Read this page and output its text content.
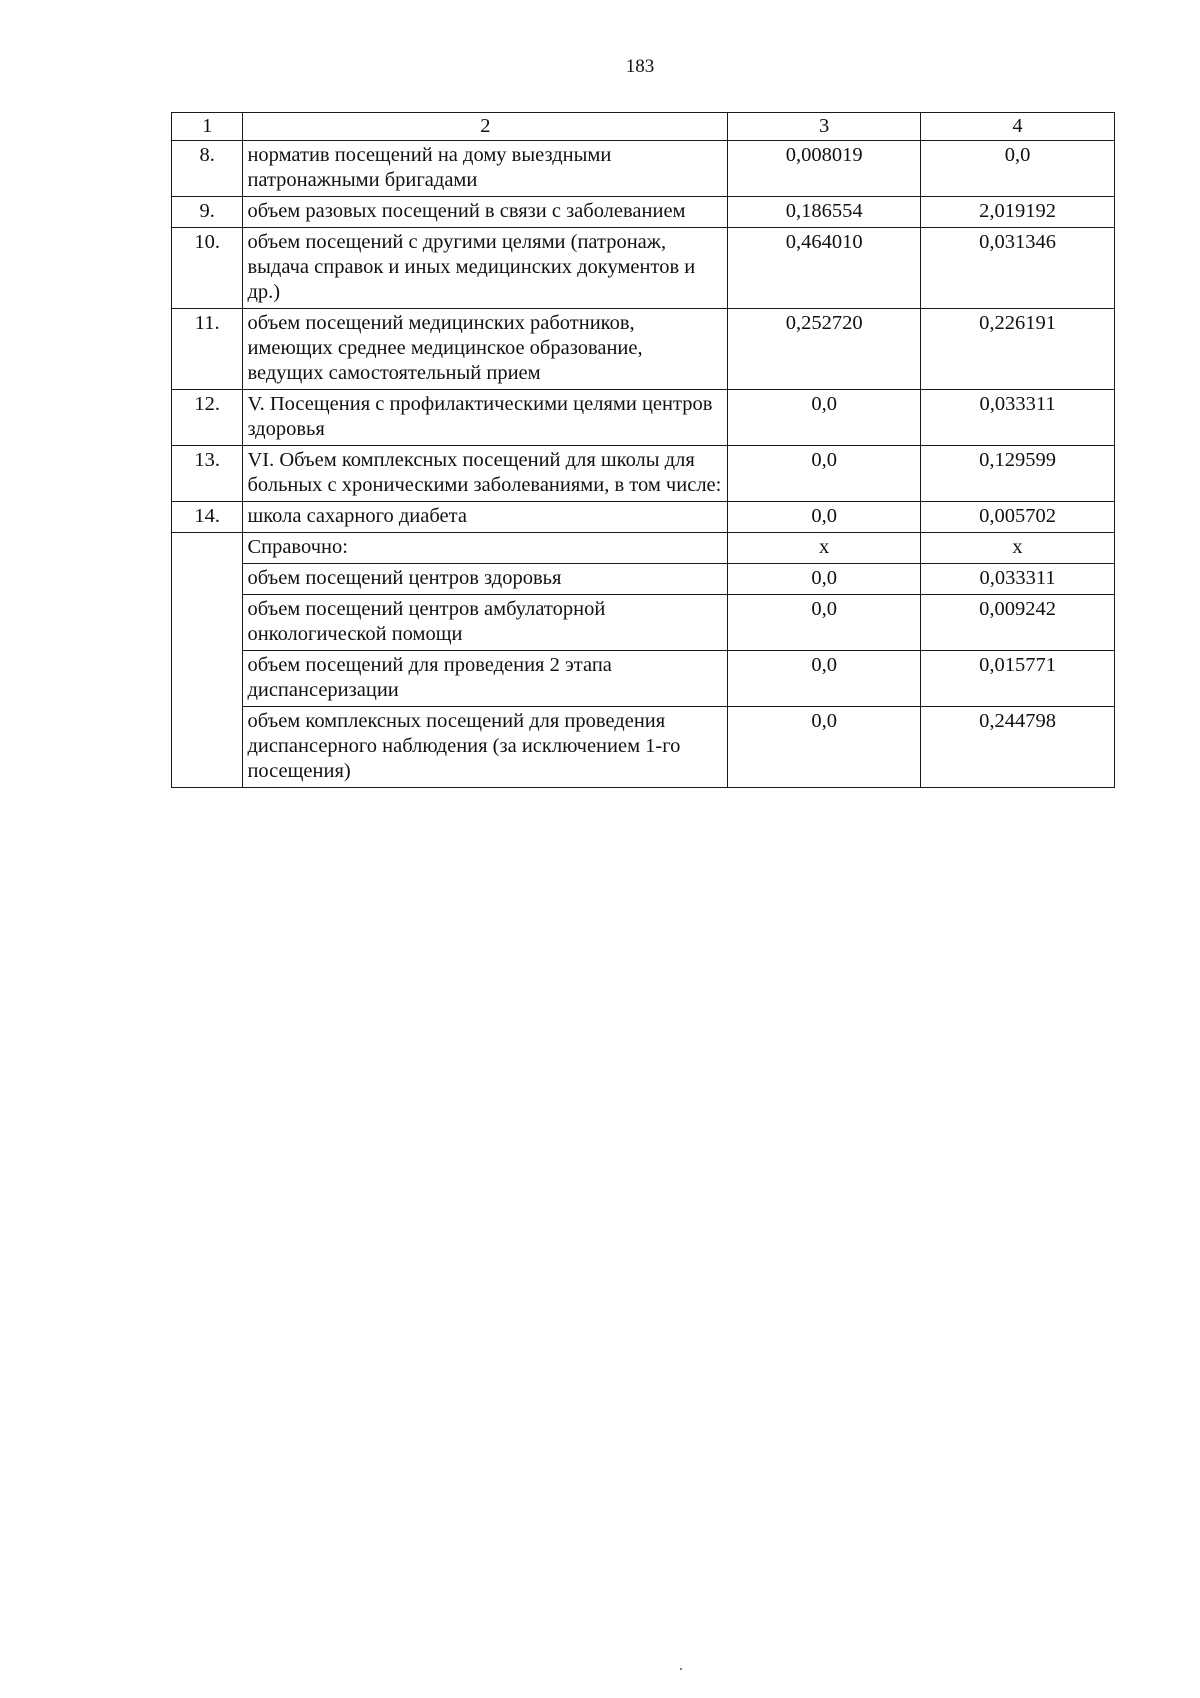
183
1	2	3	4
8.	норматив посещений на дому выездными патронажными бригадами	0,008019	0,0
9.	объем разовых посещений в связи с заболеванием	0,186554	2,019192
10.	объем посещений с другими целями (патронаж, выдача справок и иных медицинских документов и др.)	0,464010	0,031346
11.	объем посещений медицинских работников, имеющих среднее медицинское образование, ведущих самостоятельный прием	0,252720	0,226191
12.	V. Посещения с профилактическими целями центров здоровья	0,0	0,033311
13.	VI. Объем комплексных посещений для школы для больных с хроническими заболеваниями, в том числе:	0,0	0,129599
14.	школа сахарного диабета	0,0	0,005702
	Справочно:	х	х
	объем посещений центров здоровья	0,0	0,033311
	объем посещений центров амбулаторной онкологической помощи	0,0	0,009242
	объем посещений для проведения 2 этапа диспансеризации	0,0	0,015771
	объем комплексных посещений для проведения диспансерного наблюдения (за исключением 1-го посещения)	0,0	0,244798
